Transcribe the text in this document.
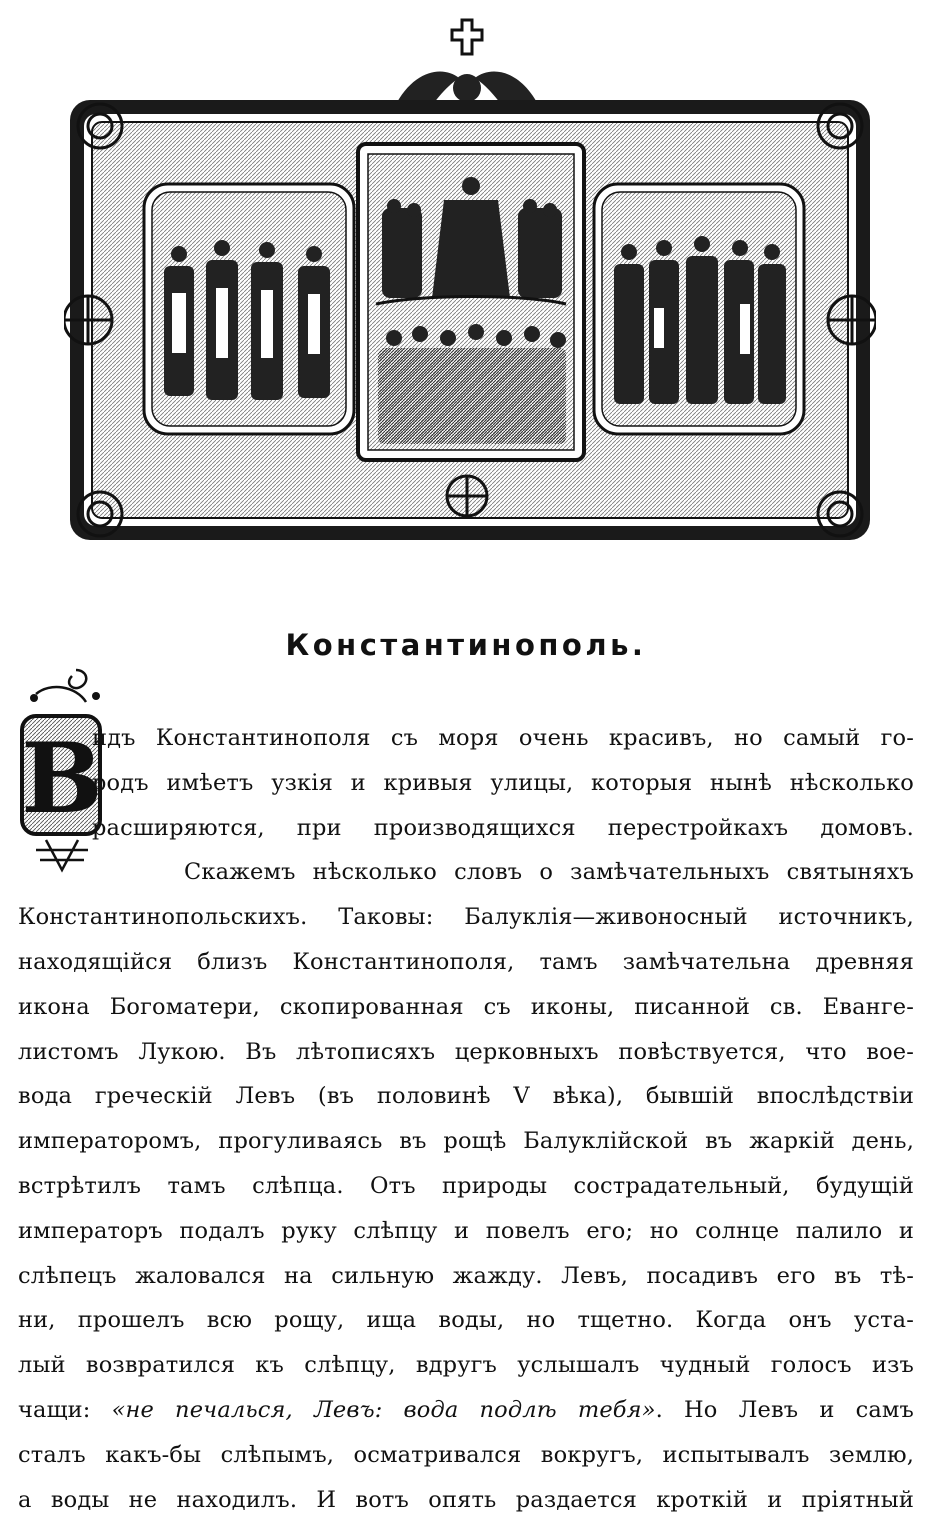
Константинополь.
В
идъ Константинополя съ моря очень красивъ, но самый го-
родъ имѣетъ узкія и кривыя улицы, которыя нынѣ нѣсколько
расширяются, при производящихся перестройкахъ домовъ.
Скажемъ нѣсколько словъ о замѣчательныхъ святыняхъ
Константинопольскихъ. Таковы: Балуклія—живоносный источникъ,
находящійся близъ Константинополя, тамъ замѣчательна древняя
икона Богоматери, скопированная съ иконы, писанной св. Еванге-
листомъ Лукою. Въ лѣтописяхъ церковныхъ повѣствуется, что вое-
вода греческій Левъ (въ половинѣ V вѣка), бывшій впослѣдствіи
императоромъ, прогуливаясь въ рощѣ Балуклійской въ жаркій день,
встрѣтилъ тамъ слѣпца. Отъ природы сострадательный, будущій
императоръ подалъ руку слѣпцу и повелъ его; но солнце палило и
слѣпецъ жаловался на сильную жажду. Левъ, посадивъ его въ тѣ-
ни, прошелъ всю рощу, ища воды, но тщетно. Когда онъ уста-
лый возвратился къ слѣпцу, вдругъ услышалъ чудный голосъ изъ
чащи: «не печалься, Левъ: вода подлѣ тебя». Но Левъ и самъ
сталъ какъ-бы слѣпымъ, осматривался вокругъ, испытывалъ землю,
а воды не находилъ. И вотъ опять раздается кроткій и пріятный
